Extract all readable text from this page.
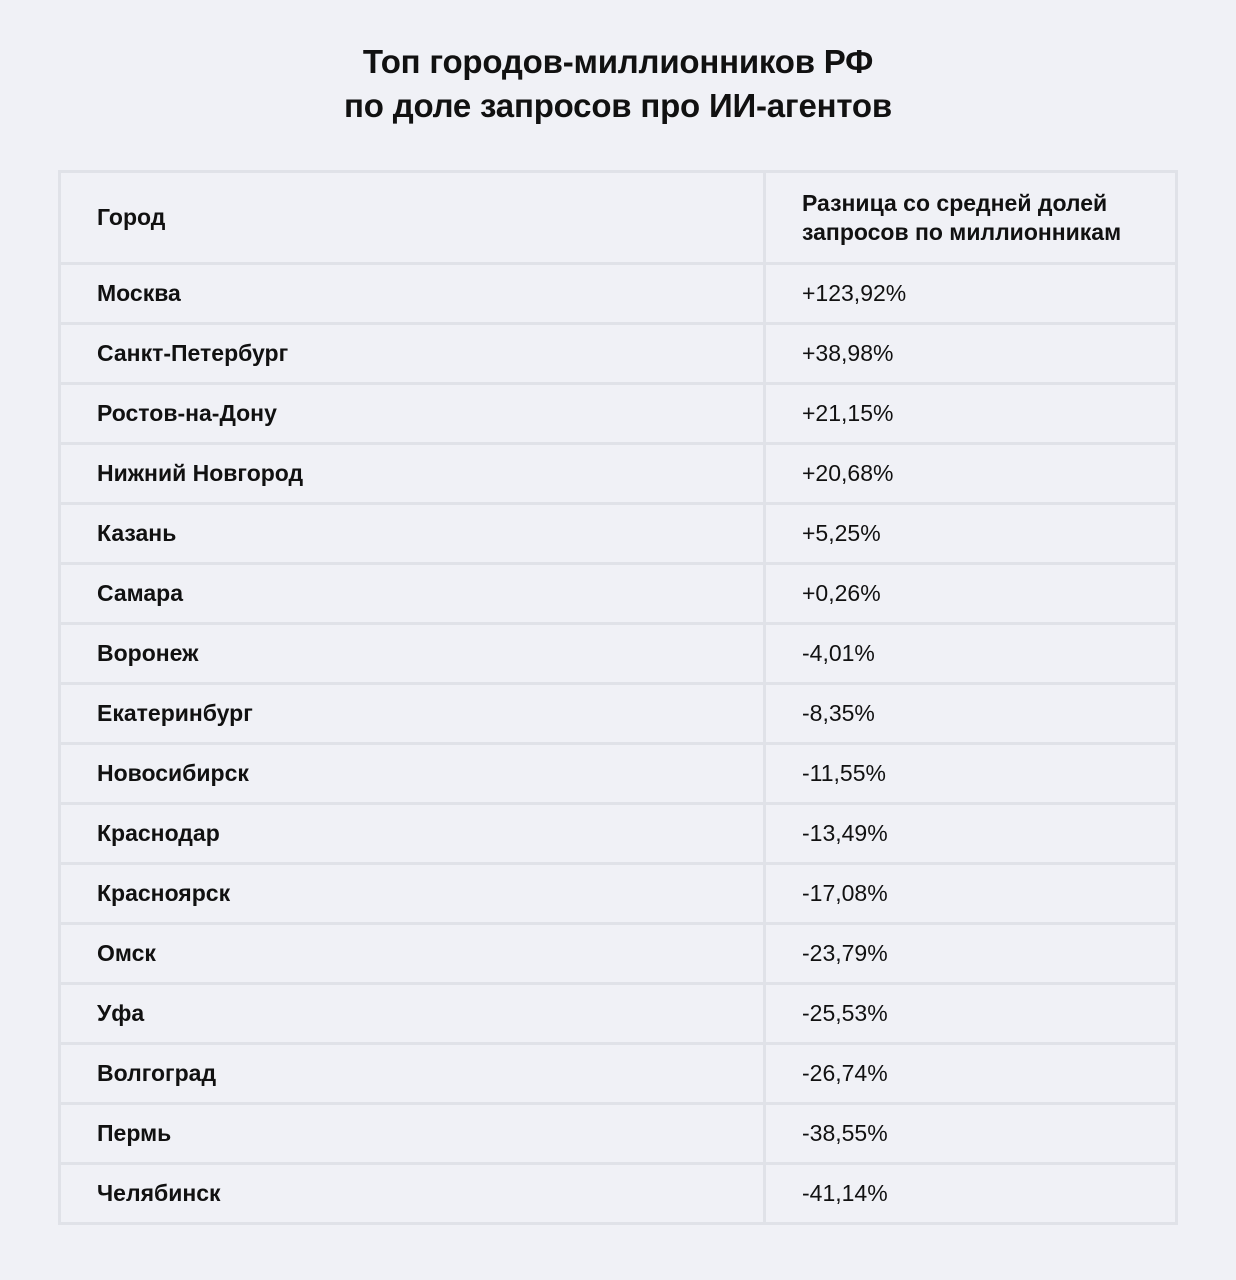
Топ городов-миллионников РФ
по доле запросов про ИИ-агентов
Город	Разница со средней долей запросов по миллионникам

Москва	+123,92%
Санкт-Петербург	+38,98%
Ростов-на-Дону	+21,15%
Нижний Новгород	+20,68%
Казань	+5,25%
Самара	+0,26%
Воронеж	-4,01%
Екатеринбург	-8,35%
Новосибирск	-11,55%
Краснодар	-13,49%
Красноярск	-17,08%
Омск	-23,79%
Уфа	-25,53%
Волгоград	-26,74%
Пермь	-38,55%
Челябинск	-41,14%
